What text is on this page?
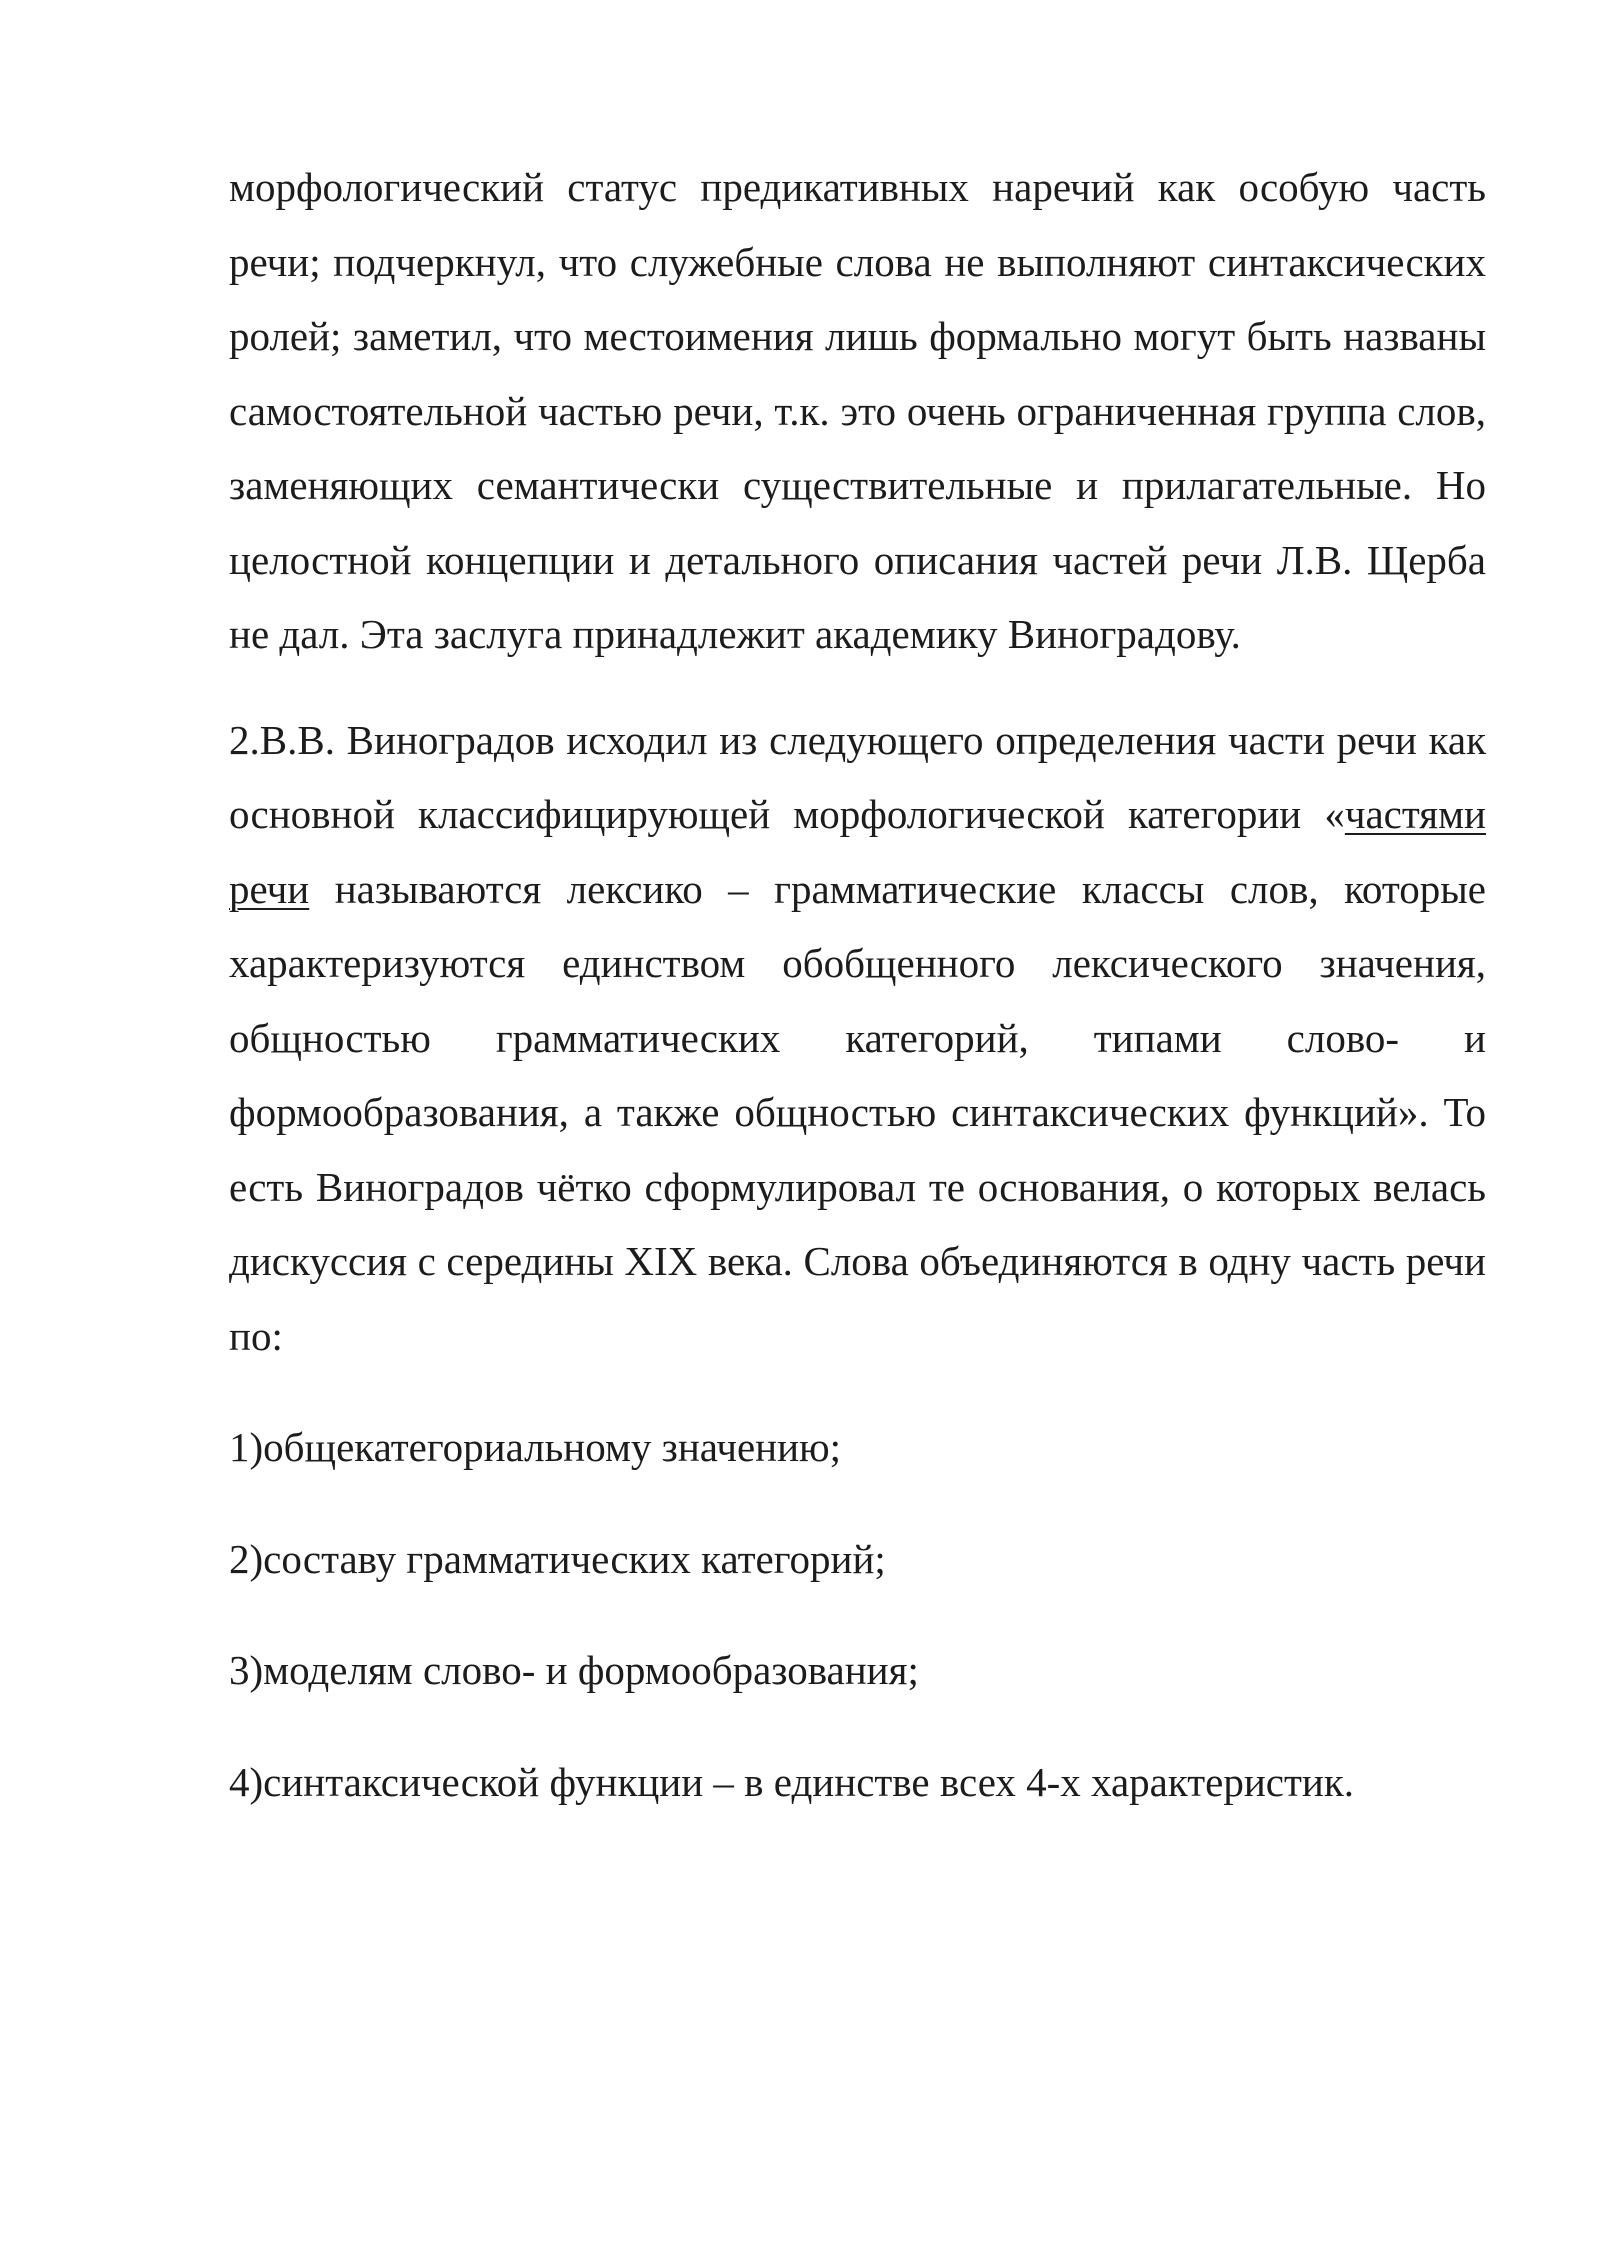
морфологический статус предикативных наречий как особую часть речи; подчеркнул, что служебные слова не выполняют синтаксических ролей; заметил, что местоимения лишь формально могут быть названы самостоятельной частью речи, т.к. это очень ограниченная группа слов, заменяющих семантически существительные и прилагательные. Но целостной концепции и детального описания частей речи Л.В. Щерба не дал. Эта заслуга принадлежит академику Виноградову.

2.В.В. Виноградов исходил из следующего определения части речи как основной классифицирующей морфологической категории «частями речи называются лексико – грамматические классы слов, которые характеризуются единством обобщенного лексического значения, общностью грамматических категорий, типами слово- и формообразования, а также общностью синтаксических функций». То есть Виноградов чётко сформулировал те основания, о которых велась дискуссия с середины XIX века. Слова объединяются в одну часть речи по:

1)общекатегориальному значению;

2)составу грамматических категорий;

3)моделям слово- и формообразования;

4)синтаксической функции – в единстве всех 4-х характеристик.
